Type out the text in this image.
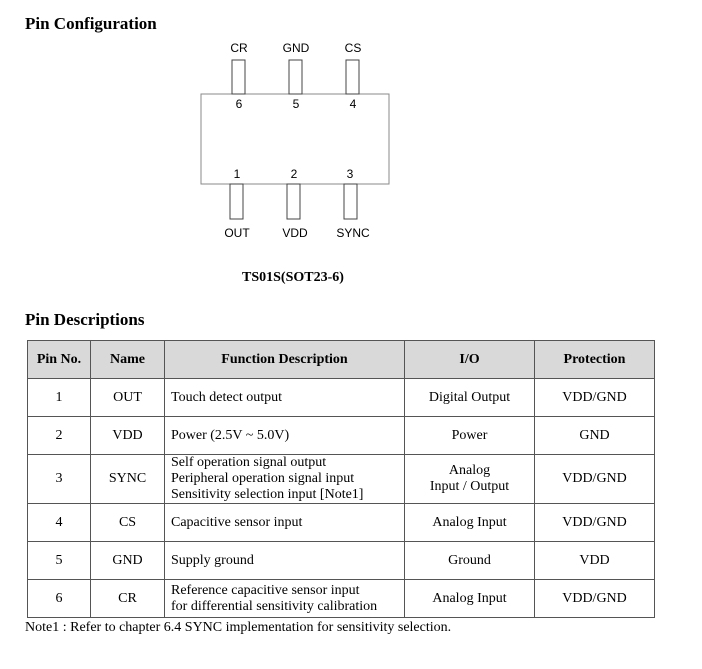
Pin Configuration
CR	GND	CS
6	5	4
1	2	3
OUT	VDD SYNC
TS01S(SOT23-6)
Pin Descriptions
Pin No.	Name	Function Description	I/O	Protection
1	OUT	Touch detect output	Digital Output	VDD/GND
2	VDD	Power (2.5V ~ 5.0V)	Power	GND
3	SYNC	Self operation signal output
Peripheral operation signal input
Sensitivity selection input [Note1]	Analog
Input / Output	VDD/GND
4	CS	Capacitive sensor input	Analog Input	VDD/GND
5	GND	Supply ground	Ground	VDD
6	CR	Reference capacitive sensor input
for differential sensitivity calibration	Analog Input	VDD/GND
Note1 : Refer to chapter 6.4 SYNC implementation for sensitivity selection.
